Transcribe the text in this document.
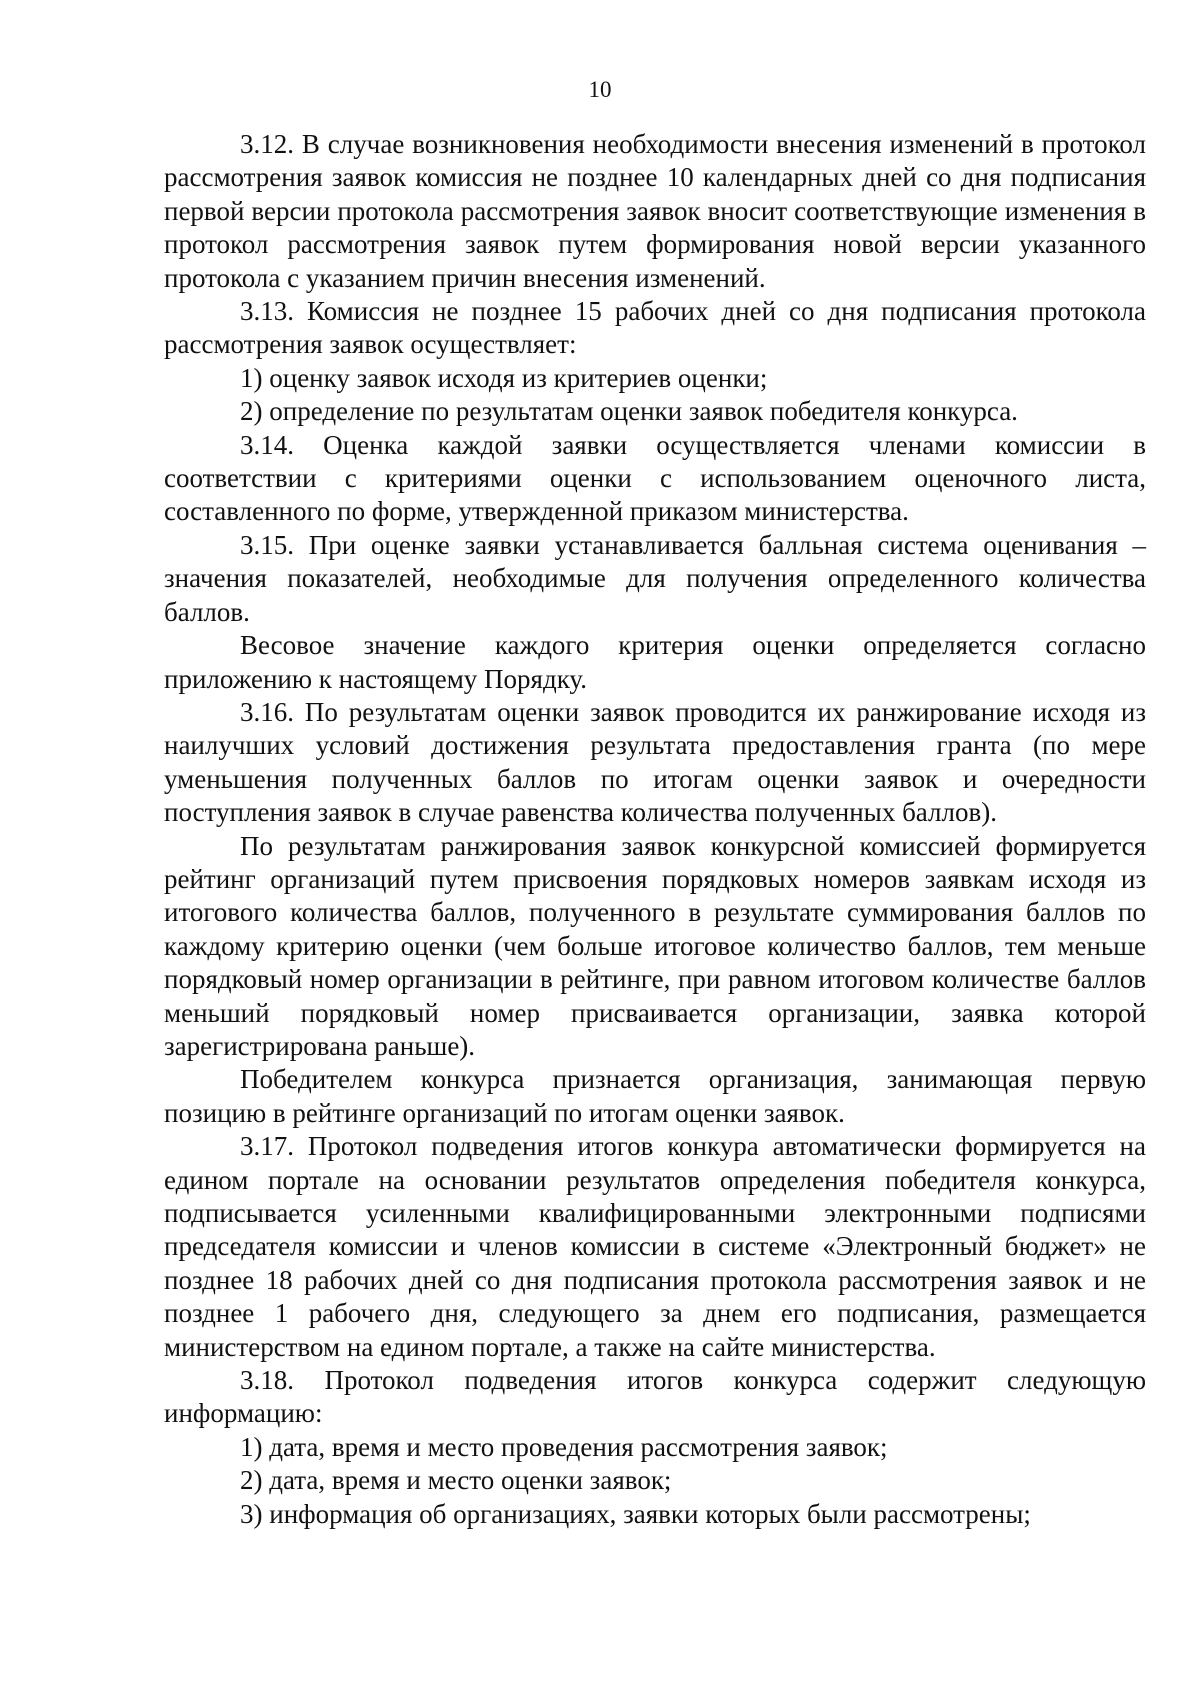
10

3.12. В случае возникновения необходимости внесения изменений в протокол рассмотрения заявок комиссия не позднее 10 календарных дней со дня подписания первой версии протокола рассмотрения заявок вносит соответствующие изменения в протокол рассмотрения заявок путем формирования новой версии указанного протокола с указанием причин внесения изменений.

3.13. Комиссия не позднее 15 рабочих дней со дня подписания протокола рассмотрения заявок осуществляет:

1) оценку заявок исходя из критериев оценки;

2) определение по результатам оценки заявок победителя конкурса.

3.14. Оценка каждой заявки осуществляется членами комиссии в соответствии с критериями оценки с использованием оценочного листа, составленного по форме, утвержденной приказом министерства.

3.15. При оценке заявки устанавливается балльная система оценивания – значения показателей, необходимые для получения определенного количества баллов.

Весовое значение каждого критерия оценки определяется согласно приложению к настоящему Порядку.

3.16. По результатам оценки заявок проводится их ранжирование исходя из наилучших условий достижения результата предоставления гранта (по мере уменьшения полученных баллов по итогам оценки заявок и очередности поступления заявок в случае равенства количества полученных баллов).

По результатам ранжирования заявок конкурсной комиссией формируется рейтинг организаций путем присвоения порядковых номеров заявкам исходя из итогового количества баллов, полученного в результате суммирования баллов по каждому критерию оценки (чем больше итоговое количество баллов, тем меньше порядковый номер организации в рейтинге, при равном итоговом количестве баллов меньший порядковый номер присваивается организации, заявка которой зарегистрирована раньше).

Победителем конкурса признается организация, занимающая первую позицию в рейтинге организаций по итогам оценки заявок.

3.17. Протокол подведения итогов конкура автоматически формируется на едином портале на основании результатов определения победителя конкурса, подписывается усиленными квалифицированными электронными подписями председателя комиссии и членов комиссии в системе «Электронный бюджет» не позднее 18 рабочих дней со дня подписания протокола рассмотрения заявок и не позднее 1 рабочего дня, следующего за днем его подписания, размещается министерством на едином портале, а также на сайте министерства.

3.18. Протокол подведения итогов конкурса содержит следующую информацию:

1) дата, время и место проведения рассмотрения заявок;

2) дата, время и место оценки заявок;

3) информация об организациях, заявки которых были рассмотрены;
